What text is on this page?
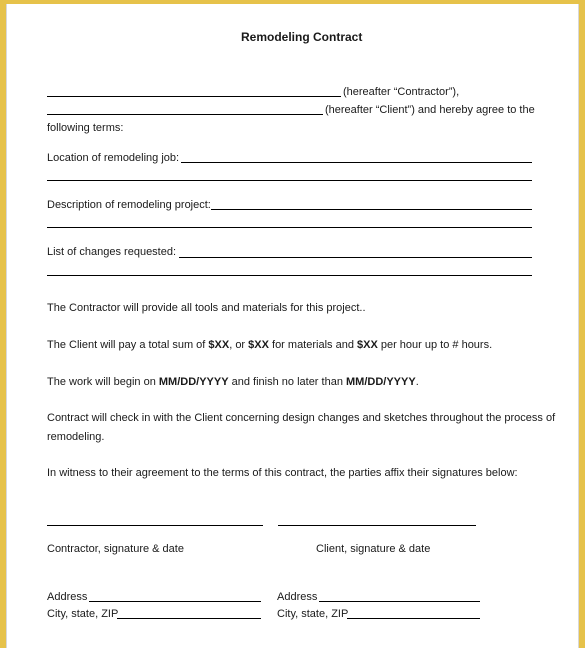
Remodeling Contract
(hereafter “Contractor”),
(hereafter “Client”) and hereby agree to the
following terms:
Location of remodeling job:
Description of remodeling project:
List of changes requested:
The Contractor will provide all tools and materials for this project..
The Client will pay a total sum of $XX, or $XX for materials and $XX per hour up to # hours.
The work will begin on MM/DD/YYYY and finish no later than MM/DD/YYYY.
Contract will check in with the Client concerning design changes and sketches throughout the process of
remodeling.
In witness to their agreement to the terms of this contract, the parties affix their signatures below:
Contractor, signature & date	Client, signature & date
Address	Address
City, state, ZIP	City, state, ZIP
